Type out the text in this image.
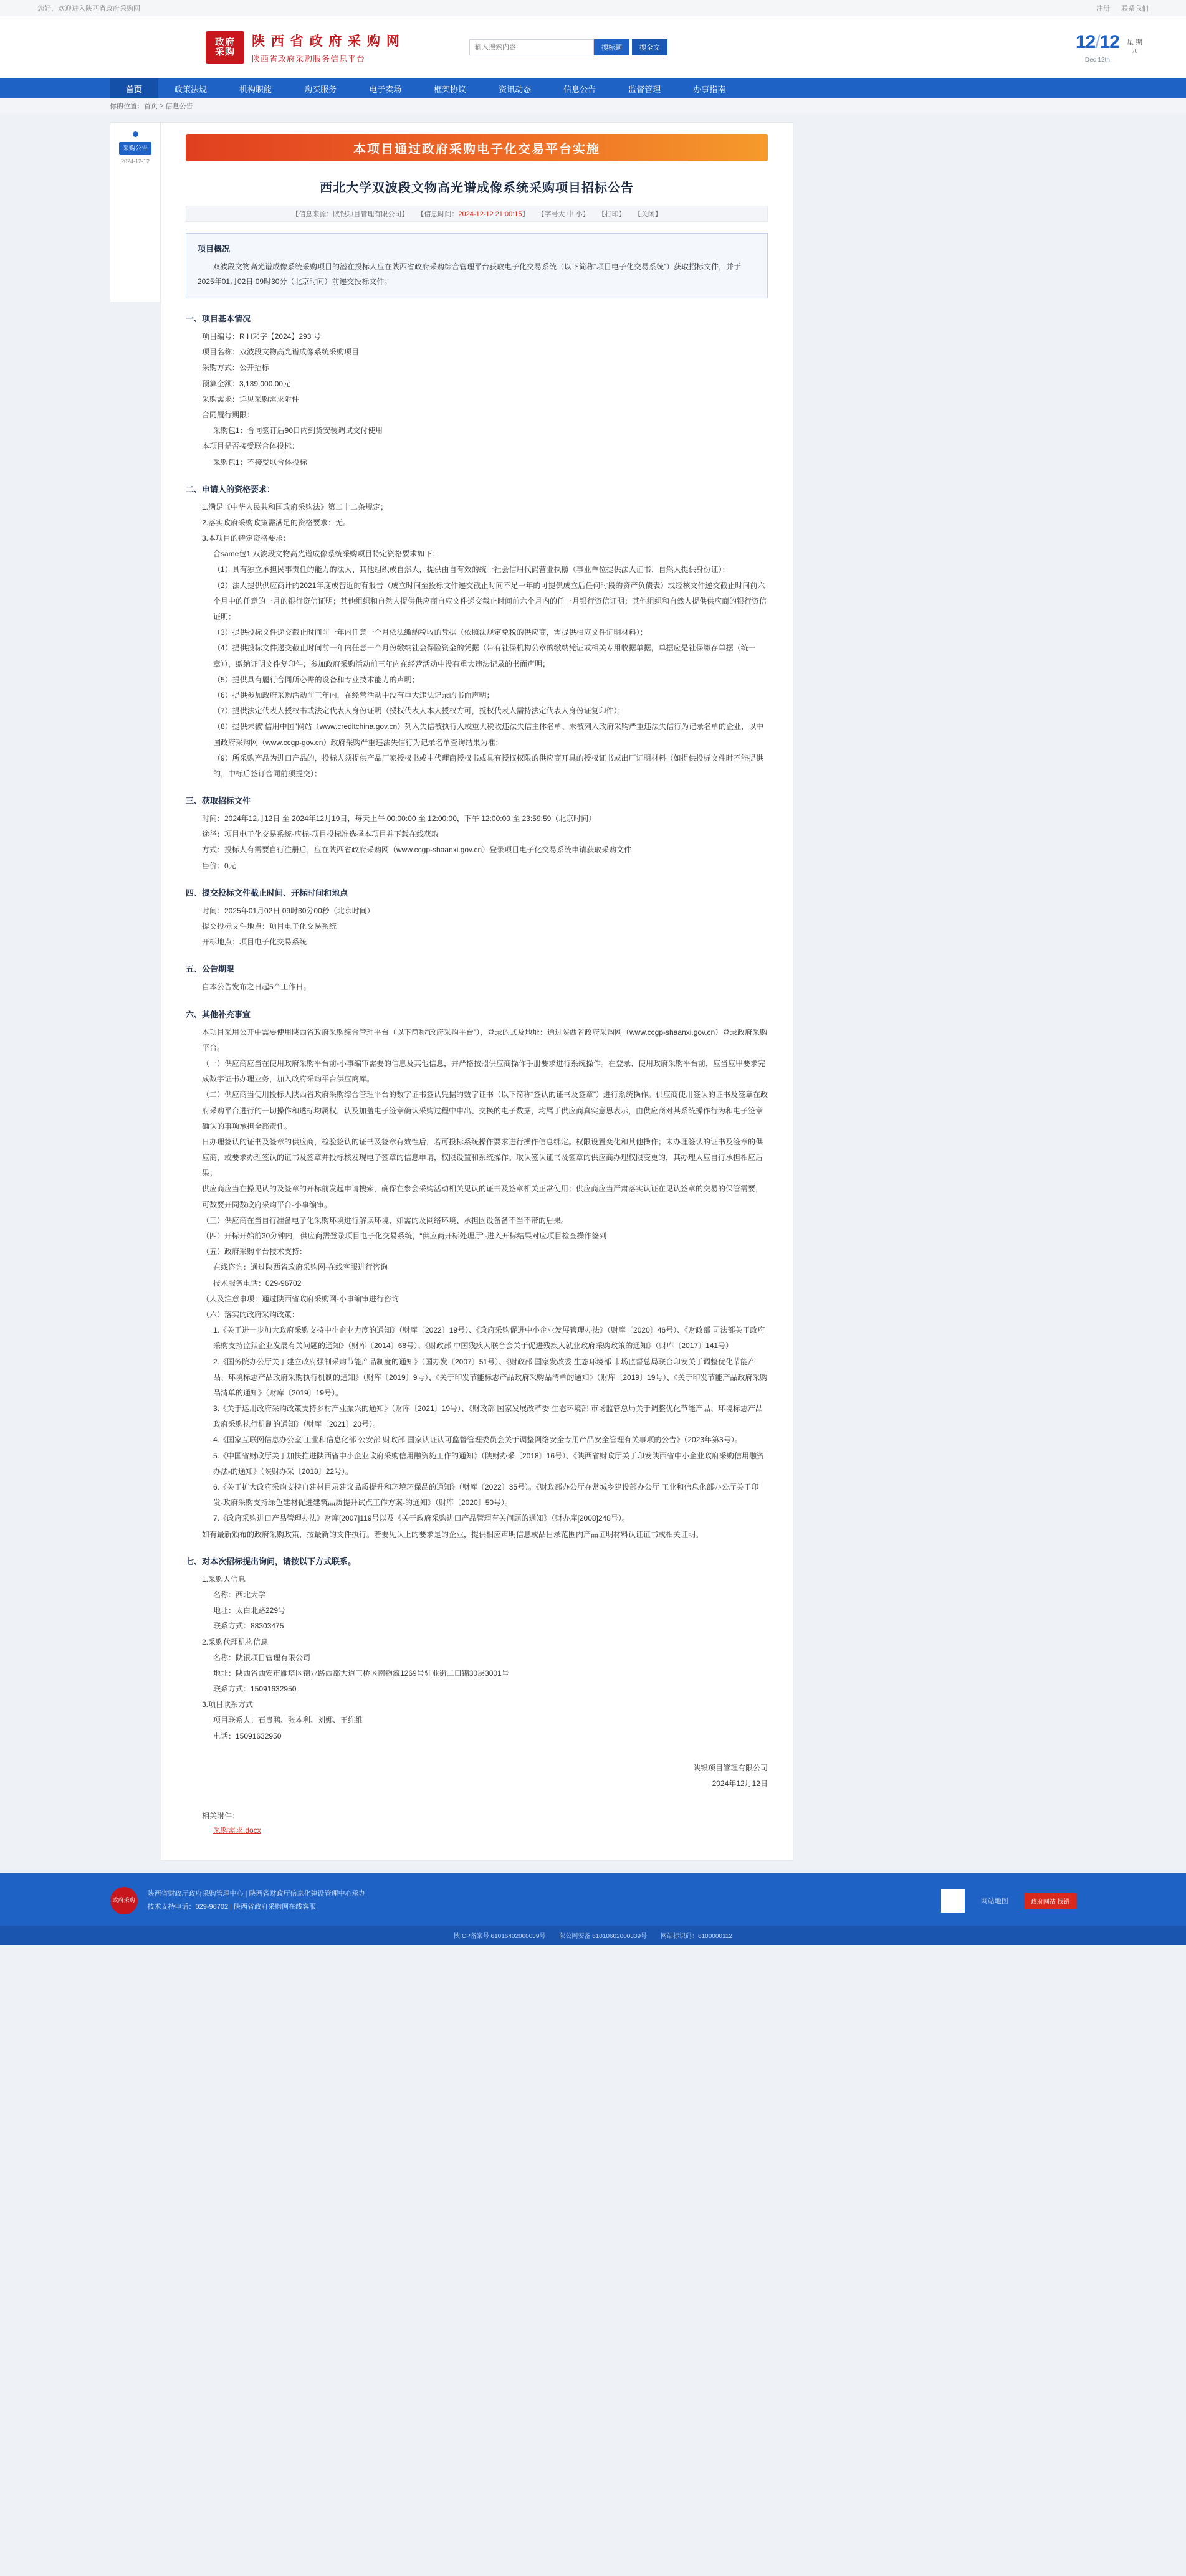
您好，欢迎进入陕西省政府采购网	注册 联系我们
政府
采购
陕 西 省 政 府 采 购 网
陕西省政府采购服务信息平台
输入搜索内容
搜标题	搜全文	12/12
Dec 12th
星 期
四
首页	政策法规	机构职能	购买服务	电子卖场	框架协议	资讯动态	信息公告	监督管理	办事指南
你的位置： 首页 > 信息公告
采购公告
2024-12-12
本项目通过政府采购电子化交易平台实施
西北大学双波段文物高光谱成像系统采购项目招标公告
【信息来源：陕银项目管理有限公司】 【信息时间：2024-12-12 21:00:15】 【字号大 中 小】 【打印】 【关闭】
项目概况

双波段文物高光谱成像系统采购项目的潜在投标人应在陕西省政府采购综合管理平台获取电子化交易系统（以下简称“项目电子化交易系统”）获取招标文件，并于 2025年01月02日 09时30分（北京时间）前递交投标文件。

一、项目基本情况

项目编号：R H采字【2024】293 号

项目名称：双波段文物高光谱成像系统采购项目

采购方式：公开招标

预算金额：3,139,000.00元

采购需求：详见采购需求附件

合同履行期限：

采购包1：合同签订后90日内到货安装调试交付使用

本项目是否接受联合体投标：

采购包1：不接受联合体投标

二、申请人的资格要求：

1.满足《中华人民共和国政府采购法》第二十二条规定；

2.落实政府采购政策需满足的资格要求：无。

3.本项目的特定资格要求：

合same包1 双波段文物高光谱成像系统采购项目特定资格要求如下：

（1）具有独立承担民事责任的能力的法人、其他组织或自然人，提供由自有效的统一社会信用代码营业执照（事业单位提供法人证书、自然人提供身份证）；

（2）法人提供供应商计的2021年度或智近的有报告（成立时间至投标文件递交截止时间不足一年的可提供成立后任何时段的资产负债表）或经核文件递交截止时间前六个月中的任意的一月的银行资信证明；其他组织和自然人提供供应商自应文件递交截止时间前六个月内的任一月银行资信证明；其他组织和自然人提供供应商的银行资信证明；

（3）提供投标文件递交截止时间前一年内任意一个月依法缴纳税收的凭据（依照法规定免税的供应商，需提供相应文件证明材料）；

（4）提供投标文件递交截止时间前一年内任意一个月份缴纳社会保险资金的凭据（带有社保机构公章的缴纳凭证或相关专用收据单据，单据应是社保缴存单据（统一章）），缴纳证明文件复印件；参加政府采购活动前三年内在经营活动中没有重大违法记录的书面声明；

（5）提供具有履行合同所必需的设备和专业技术能力的声明；

（6）提供参加政府采购活动前三年内，在经营活动中没有重大违法记录的书面声明；

（7）提供法定代表人授权书或法定代表人身份证明（授权代表人本人授权方可，授权代表人需持法定代表人身份证复印件）；

（8）提供未被“信用中国”网站（www.creditchina.gov.cn）列入失信被执行人或重大税收违法失信主体名单、未被列入政府采购严重违法失信行为记录名单的企业，以中国政府采购网（www.ccgp-gov.cn）政府采购严重违法失信行为记录名单查询结果为准；

（9）所采购产品为进口产品的，投标人须提供产品厂家授权书或由代理商授权书或具有授权权限的供应商开具的授权证书或出厂证明材料（如提供投标文件时不能提供的，中标后签订合同前须提交）；

三、获取招标文件

时间：2024年12月12日 至 2024年12月19日，每天上午 00:00:00 至 12:00:00，下午 12:00:00 至 23:59:59（北京时间）

途径：项目电子化交易系统-应标-项目投标准选择本项目并下载在线获取

方式：投标人有需要自行注册后，应在陕西省政府采购网（www.ccgp-shaanxi.gov.cn）登录项目电子化交易系统申请获取采购文件

售价：0元

四、提交投标文件截止时间、开标时间和地点

时间：2025年01月02日 09时30分00秒（北京时间）

提交投标文件地点：项目电子化交易系统

开标地点：项目电子化交易系统

五、公告期限

自本公告发布之日起5个工作日。

六、其他补充事宜

本项目采用公开中需要使用陕西省政府采购综合管理平台（以下简称“政府采购平台”），登录的式及地址：通过陕西省政府采购网（www.ccgp-shaanxi.gov.cn）登录政府采购平台。

（一）供应商应当在使用政府采购平台前-小事编审需要的信息及其他信息，并严格按照供应商操作手册要求进行系统操作。在登录、使用政府采购平台前，应当应甲要求完成数字证书办理业务，加入政府采购平台供应商库。

（二）供应商当使用投标人陕西省政府采购综合管理平台的数字证书签认凭据的数字证书（以下简称“签认的证书及签章”）进行系统操作。供应商使用签认的证书及签章在政府采购平台进行的一切操作和透标均属权，认及加盖电子签章确认采购过程中申出、交换的电子数据，均属于供应商真实意思表示，由供应商对其系统操作行为和电子签章确认的事项承担全部责任。

日办理签认的证书及签章的供应商，检验签认的证书及签章有效性后，若可投标系统操作要求进行操作信息绑定。权限设置变化和其他操作；未办理签认的证书及签章的供应商，或要求办理签认的证书及签章并投标核发现电子签章的信息申请，权限设置和系统操作。取认签认证书及签章的供应商办理权限变更的，其办理人应自行承担相应后果；

供应商应当在操见认的及签章的开标前发起申请搜索，确保在参会采购活动相关见认的证书及签章相关正常使用；供应商应当严肃落实认证在见认签章的交易的保管需要，可数要开同数政府采购平台-小事编审。

（三）供应商在当自行准备电子化采购环境进行解读环境，如需的及网络环境、承担因设备备不当不带的后果。

（四）开标开始前30分钟内，供应商需登录项目电子化交易系统，“供应商开标处理厅”-进入开标结果对应项目检查操作签到

（五）政府采购平台技术支持：

在线咨询：通过陕西省政府采购网-在线客服进行咨询

技术服务电话：029-96702

（人及注意事项：通过陕西省政府采购网-小事编审进行咨询

（六）落实的政府采购政策：

1.《关于进一步加大政府采购支持中小企业力度的通知》（财库〔2022〕19号）、《政府采购促进中小企业发展管理办法》（财库〔2020〕46号）、《财政部 司法部关于政府采购支持监狱企业发展有关问题的通知》（财库〔2014〕68号）、《财政部 中国残疾人联合会关于促进残疾人就业政府采购政策的通知》（财库〔2017〕141号）

2.《国务院办公厅关于建立政府强制采购节能产品制度的通知》（国办发〔2007〕51号）、《财政部 国家发改委 生态环境部 市场监督总局联合印发关于调整优化节能产品、环境标志产品政府采购执行机制的通知》（财库〔2019〕9号）、《关于印发节能标志产品政府采购品清单的通知》（财库〔2019〕19号）、《关于印发节能产品政府采购品清单的通知》（财库〔2019〕19号）。

3.《关于运用政府采购政策支持乡村产业振兴的通知》（财库〔2021〕19号）、《财政部 国家发展改革委 生态环境部 市场监管总局关于调整优化节能产品、环境标志产品政府采购执行机制的通知》（财库〔2021〕20号）。

4.《国家互联网信息办公室 工业和信息化部 公安部 财政部 国家认证认可监督管理委员会关于调整网络安全专用产品安全管理有关事项的公告》（2023年第3号）。

5.《中国省财政厅关于加快推进陕西省中小企业政府采购信用融资施工作的通知》（陕财办采〔2018〕16号）、《陕西省财政厅关于印发陕西省中小企业政府采购信用融资办法-的通知》（陕财办采〔2018〕22号）。

6.《关于扩大政府采购支持自建材目录建议品质提升和环境环保品的通知》（财库〔2022〕35号）。《财政部办公厅在常城乡建设部办公厅 工业和信息化部办公厅关于印发-政府采购支持绿色建材促进建筑品质提升试点工作方案-的通知》（财库〔2020〕50号）。

7.《政府采购进口产品管理办法》财库[2007]119号以及《关于政府采购进口产品管理有关问题的通知》（财办库[2008]248号）。

如有最新颁布的政府采购政策，按最新的文件执行。若要见认上的要求是的企业，提供相应声明信息或品目录范围内产品证明材料认证证书或相关证明。

七、对本次招标提出询问，请按以下方式联系。

1.采购人信息

名称：西北大学

地址：太白北路229号

联系方式：88303475

2.采购代理机构信息

名称：陕银项目管理有限公司

地址：陕西省西安市雁塔区锦业路西部大道三桥区南物流1269号驻业街二口锦30层3001号

联系方式：15091632950

3.项目联系方式

项目联系人：石贵鹏、张本利、刘娜、王维维

电话：15091632950

陕银项目管理有限公司
2024年12月12日
相关附件：
采购需求.docx
政府采购
陕西省财政厅政府采购管理中心 | 陕西省财政厅信息化建设管理中心承办
技术支持电话：029-96702 | 陕西省政府采购网在线客服
网站地图	政府网站 找错
陕ICP备案号 61016402000039号 陕公网安备 61010602000339号 网站标识码：6100000112
